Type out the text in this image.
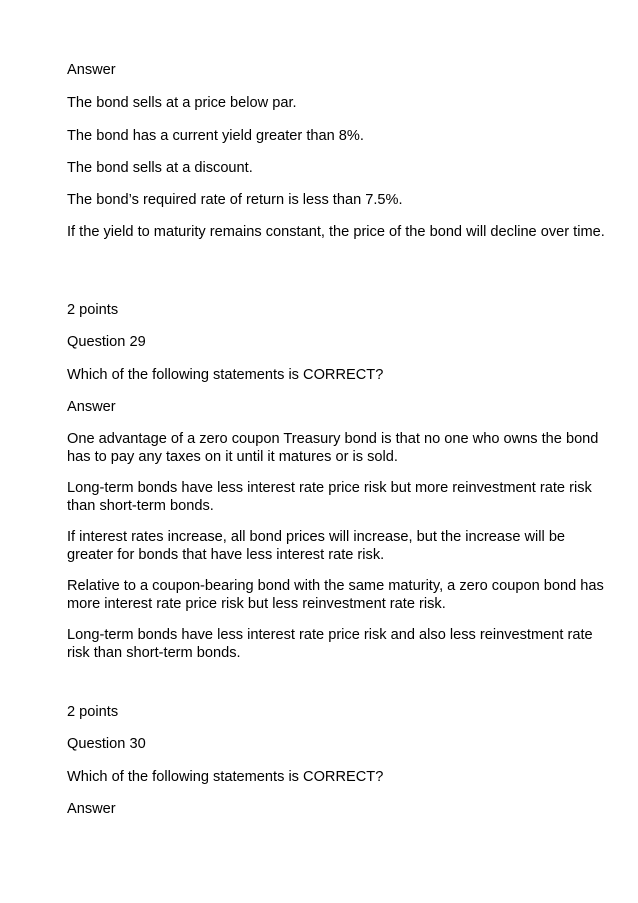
Answer

The bond sells at a price below par.

The bond has a current yield greater than 8%.

The bond sells at a discount.

The bond’s required rate of return is less than 7.5%.

If the yield to maturity remains constant, the price of the bond will decline over time.

2 points

Question 29

Which of the following statements is CORRECT?

Answer

One advantage of a zero coupon Treasury bond is that no one who owns the bond has to pay any taxes on it until it matures or is sold.

Long-term bonds have less interest rate price risk but more reinvestment rate risk than short-term bonds.

If interest rates increase, all bond prices will increase, but the increase will be greater for bonds that have less interest rate risk.

Relative to a coupon-bearing bond with the same maturity, a zero coupon bond has more interest rate price risk but less reinvestment rate risk.

Long-term bonds have less interest rate price risk and also less reinvestment rate risk than short-term bonds.

2 points

Question 30

Which of the following statements is CORRECT?

Answer
